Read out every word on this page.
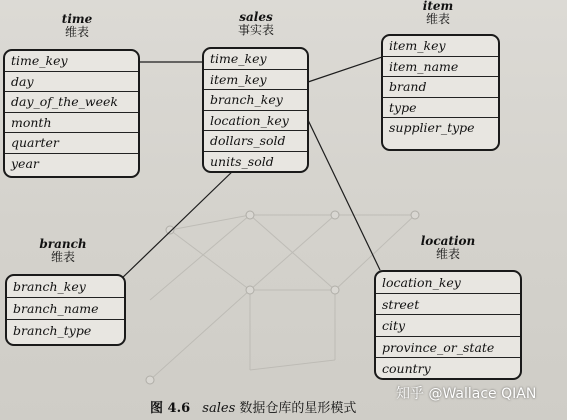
time
维表
time_key
day
day_of_the_week
month
quarter
year
sales
事实表
time_key
item_key
branch_key
location_key
dollars_sold
units_sold
item
维表
item_key
item_name
brand
type
supplier_type
branch
维表
branch_key
branch_name
branch_type
location
维表
location_key
street
city
province_or_state
country
图 4.6 sales 数据仓库的星形模式
知乎 @Wallace QIAN
